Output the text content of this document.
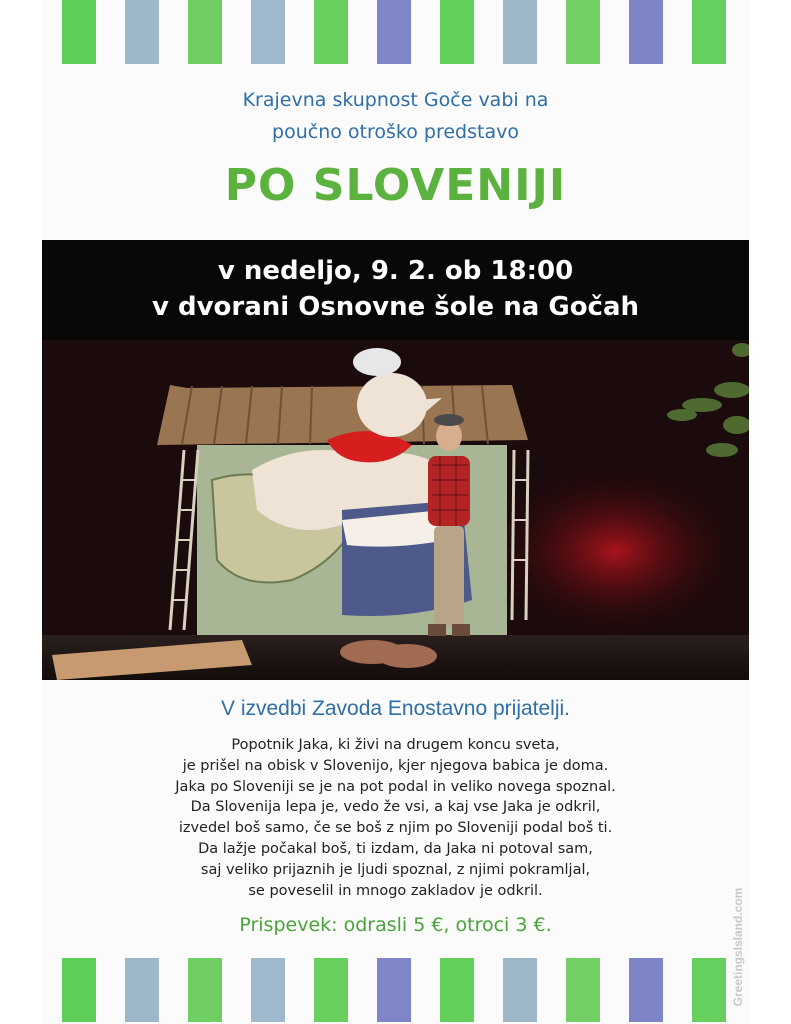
Krajevna skupnost Goče vabi na
poučno otroško predstavo
PO SLOVENIJI
v nedeljo, 9. 2. ob 18:00
v dvorani Osnovne šole na Gočah
V izvedbi Zavoda Enostavno prijatelji.
Popotnik Jaka, ki živi na drugem koncu sveta,
je prišel na obisk v Slovenijo, kjer njegova babica je doma.
Jaka po Sloveniji se je na pot podal in veliko novega spoznal.
Da Slovenija lepa je, vedo že vsi, a kaj vse Jaka je odkril,
izvedel boš samo, če se boš z njim po Sloveniji podal boš ti.
Da lažje počakal boš, ti izdam, da Jaka ni potoval sam,
saj veliko prijaznih je ljudi spoznal, z njimi pokramljal,
se poveselil in mnogo zakladov je odkril.
Prispevek: odrasli 5 €, otroci 3 €.	GreetingsIsland.com
